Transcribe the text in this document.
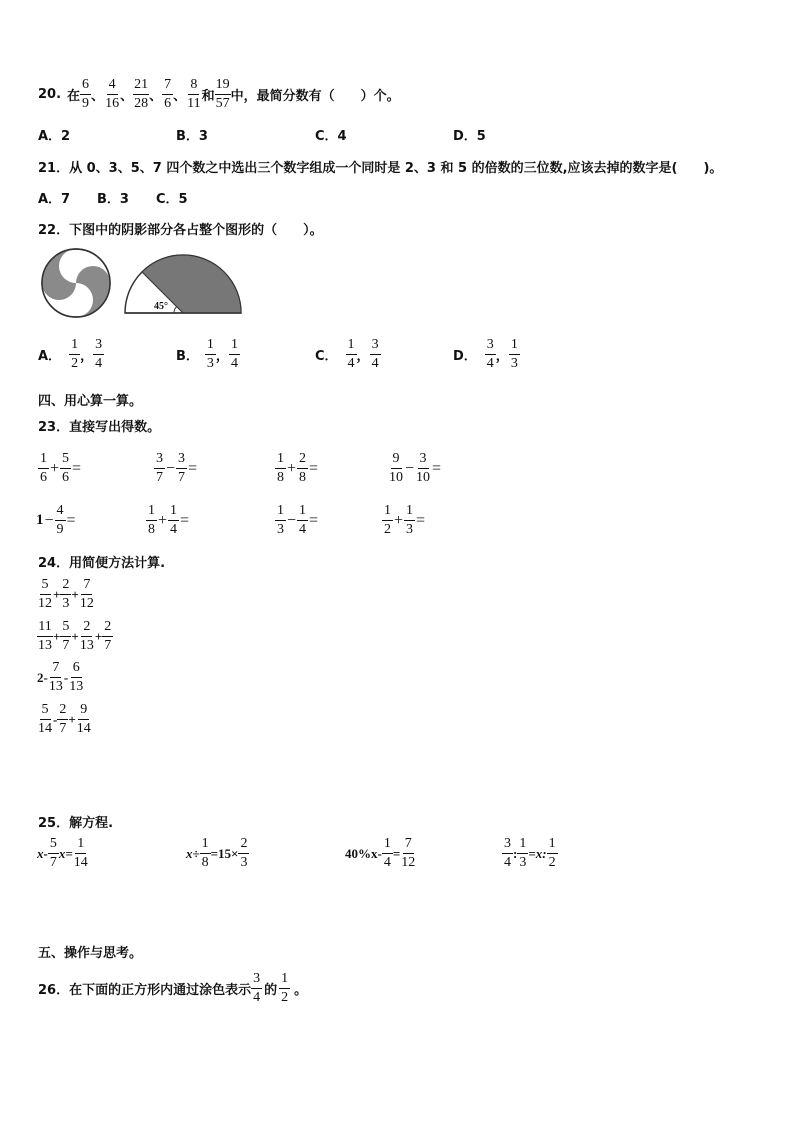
20. 在
6
9 、
4
16 、
21
28 、
7
6 、
8
11 和
19
57 中，最简分数有（　　）个。
A．2	B．3	C．4	D．5
21．从 0、3、5、7 四个数之中选出三个数字组成一个同时是 2、3 和 5 的倍数的三位数,应该去掉的数字是(　　)。
A．7 B．3 C．5
22．下图中的阴影部分各占整个图形的（　　）。
45°
A．
1
2 ，
3
4	B．
1
3 ，
1
4	C．
1
4 ，
3
4	D．
3
4 ，
1
3
四、用心算一算。
23．直接写出得数。
1
6
+ $\frac{5}{6}$ =
3
7
− $\frac{3}{7}$ =
1
8
+ $\frac{2}{8}$ =
9
10
− $\frac{3}{10}$ =
$1 - \frac{4}{9}$ =
1
8
+ $\frac{1}{4}$ =
1
3
− $\frac{1}{4}$ =
1
2
+ $\frac{1}{3}$ =
24．用简便方法计算.
5
12
+ $\frac{2}{3} + \frac{7}{12}$
11
13
+ $\frac{5}{7} + \frac{2}{13} + \frac{2}{7}$
2-
7
13
-
6
13
5
14
-
2
7
+ $\frac{9}{14}$
25．解方程.
x-
5
7
$x= \frac{1}{14}$	$x\div \frac{1}{8} =15\times \frac{2}{3}$	$40\%x- \frac{1}{4} = \frac{7}{12}$	3
4
: $\frac{1}{3} =x$:
1
2
五、操作与思考。
26．在下面的正方形内通过涂色表示
3
4 的
1
2 。
